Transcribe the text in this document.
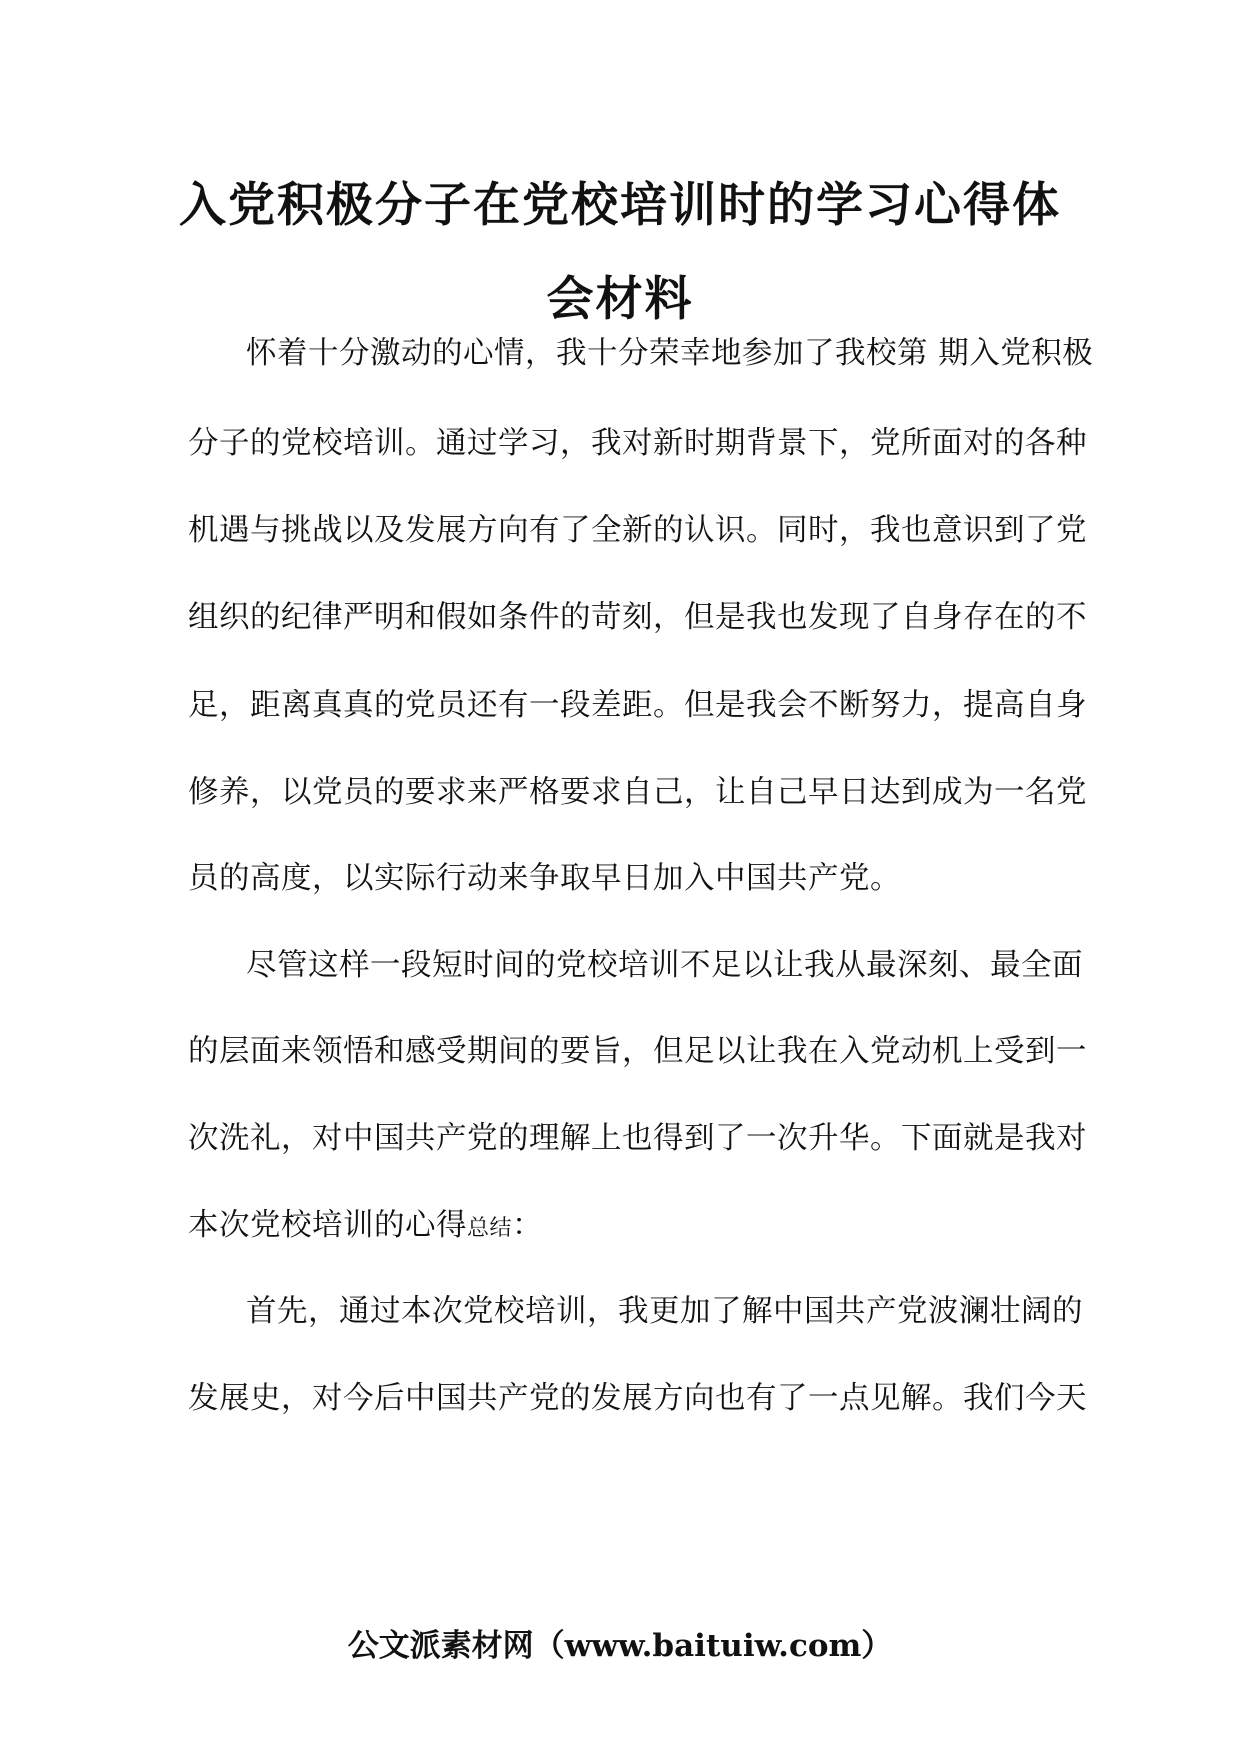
入党积极分子在党校培训时的学习心得体
会材料
怀着十分激动的心情，我十分荣幸地参加了我校第 期入党积极
分子的党校培训。通过学习，我对新时期背景下，党所面对的各种
机遇与挑战以及发展方向有了全新的认识。同时，我也意识到了党
组织的纪律严明和假如条件的苛刻，但是我也发现了自身存在的不
足，距离真真的党员还有一段差距。但是我会不断努力，提高自身
修养，以党员的要求来严格要求自己，让自己早日达到成为一名党
员的高度，以实际行动来争取早日加入中国共产党。
尽管这样一段短时间的党校培训不足以让我从最深刻、最全面
的层面来领悟和感受期间的要旨，但足以让我在入党动机上受到一
次洗礼，对中国共产党的理解上也得到了一次升华。下面就是我对
本次党校培训的心得总结：
首先，通过本次党校培训，我更加了解中国共产党波澜壮阔的
发展史，对今后中国共产党的发展方向也有了一点见解。我们今天
公文派素材网（www.baituiw.com）
